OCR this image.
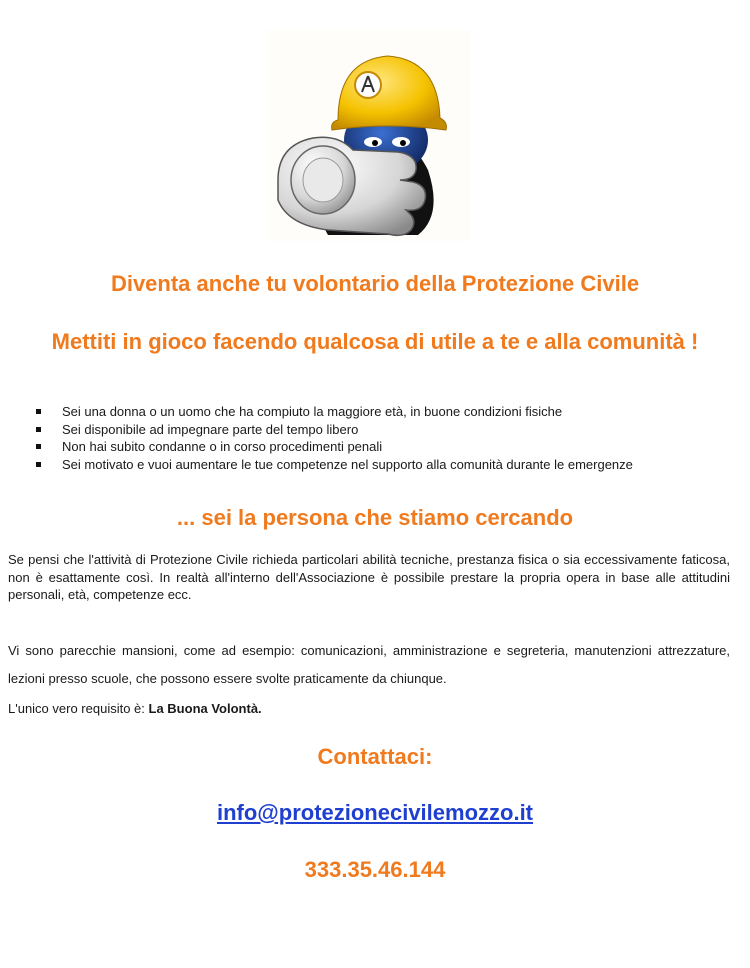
Diventa anche tu volontario della Protezione Civile
Mettiti in gioco facendo qualcosa di utile a te e alla comunità !
Sei una donna o un uomo che ha compiuto la maggiore età, in buone condizioni fisiche
Sei disponibile ad impegnare parte del tempo libero
Non hai subito condanne o in corso procedimenti penali
Sei motivato e vuoi aumentare le tue competenze nel supporto alla comunità durante le emergenze
... sei la persona che stiamo cercando
Se pensi che l'attività di Protezione Civile richieda particolari abilità tecniche, prestanza fisica o sia eccessivamente faticosa, non è esattamente così. In realtà all'interno dell'Associazione è possibile prestare la propria opera in base alle attitudini personali, età, competenze ecc.
Vi sono parecchie mansioni, come ad esempio: comunicazioni, amministrazione e segreteria, manutenzioni attrezzature, lezioni presso scuole, che possono essere svolte praticamente da chiunque.
L'unico vero requisito è: La Buona Volontà.
Contattaci:
info@protezionecivilemozzo.it
333.35.46.144
